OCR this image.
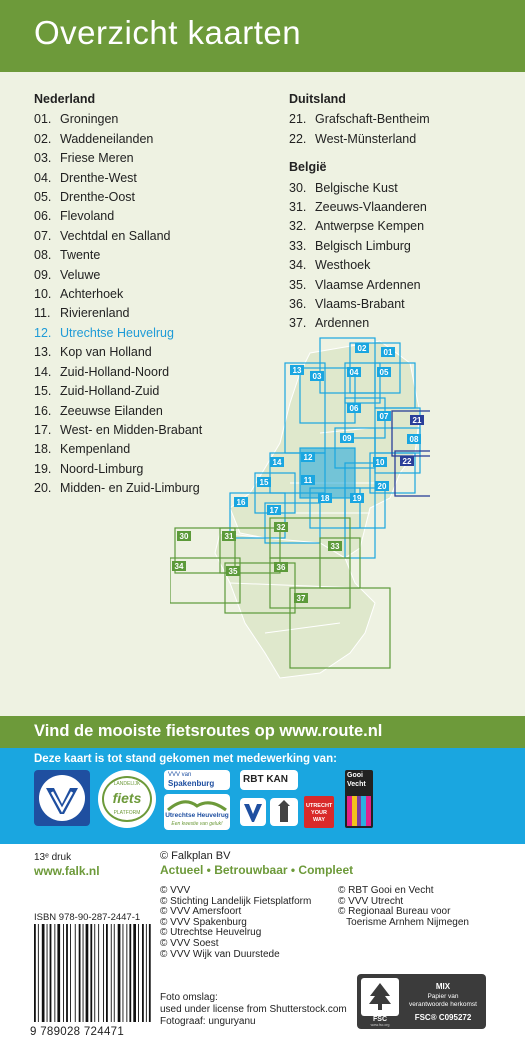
Overzicht kaarten
Nederland
01. Groningen
02. Waddeneilanden
03. Friese Meren
04. Drenthe-West
05. Drenthe-Oost
06. Flevoland
07. Vechtdal en Salland
08. Twente
09. Veluwe
10. Achterhoek
11. Rivierenland
12. Utrechtse Heuvelrug
13. Kop van Holland
14. Zuid-Holland-Noord
15. Zuid-Holland-Zuid
16. Zeeuwse Eilanden
17. West- en Midden-Brabant
18. Kempenland
19. Noord-Limburg
20. Midden- en Zuid-Limburg
Duitsland
21. Grafschaft-Bentheim
22. West-Münsterland
België
30. Belgische Kust
31. Zeeuws-Vlaanderen
32. Antwerpse Kempen
33. Belgisch Limburg
34. Westhoek
35. Vlaamse Ardennen
36. Vlaams-Brabant
37. Ardennen
02 01
03	04	05
06
07	21
08
13
09
12
10 22
14
11
15
18	19
16
17
20
30	31
32
33
34
35	36
37
Vind de mooiste fietsroutes op www.route.nl
Deze kaart is tot stand gekomen met medewerking van:
LANDELIJK
fiets
PLATFORM
VVV van
Spakenburg
Utrechtse Heuvelrug
Een kwestie van geluk!
RBT KAN
UTRECHT YOUR WAY
Gooi
Vecht
13ᵉ druk
www.falk.nl
© Falkplan BV
Actueel • Betrouwbaar • Compleet
© VVV
© Stichting Landelijk Fietsplatform
© VVV Amersfoort
© VVV Spakenburg
© Utrechtse Heuvelrug
© VVV Soest
© VVV Wijk van Duurstede
© RBT Gooi en Vecht
© VVV Utrecht
© Regionaal Bureau voor
Toerisme Arnhem Nijmegen
ISBN 978-90-287-2447-1
9 789028 724471
Foto omslag:
used under license from Shutterstock.com
Fotograaf: unguryanu	FSC
www.fsc.org
MIX
Papier van
verantwoorde herkomst
FSC® C095272
